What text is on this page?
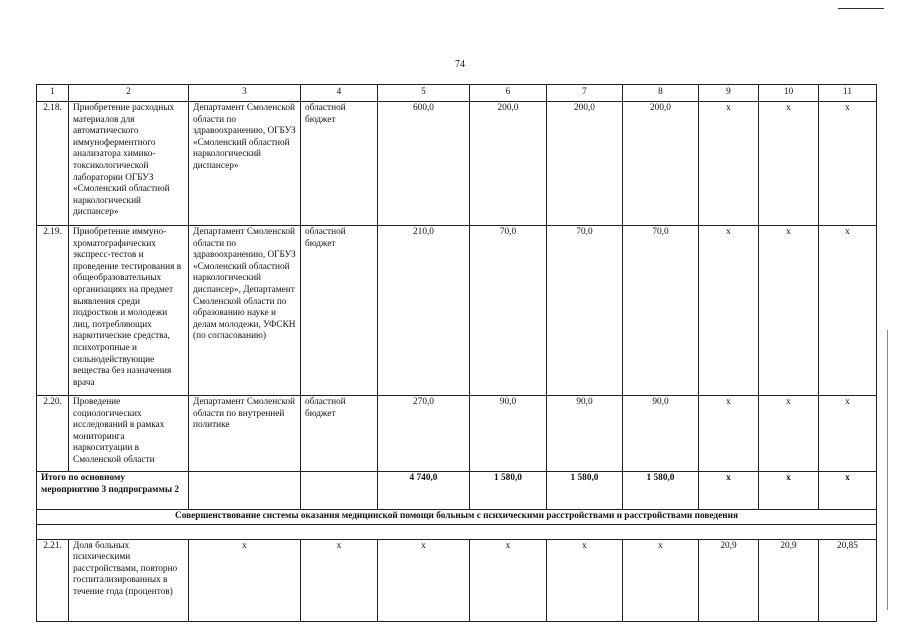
74
1	2	3	4	5	6	7	8	9	10	11
2.18.	Приобретение расходных материалов для автоматического иммуноферментного анализатора химико-токсикологической лаборатории ОГБУЗ «Смоленский областной наркологический диспансер»	Департамент Смоленской области по здравоохранению, ОГБУЗ «Смоленский областной наркологический диспансер»	областной бюджет	600,0	200,0	200,0	200,0	x	x	x
2.19.	Приобретение иммуно-хроматографических экспресс-тестов и проведение тестирования в общеобразовательных организациях на предмет выявления среди подростков и молодежи лиц, потребляющих наркотические средства, психотропные и сильнодействующие вещества без назначения врача	Департамент Смоленской области по здравоохранению, ОГБУЗ «Смоленский областной наркологический диспансер», Департамент Смоленской области по образованию науке и делам молодежи, УФСКН (по согласованию)	областной бюджет	210,0	70,0	70,0	70,0	x	x	x
2.20.	Проведение социологических исследований в рамках мониторинга наркоситуации в Смоленской области	Департамент Смоленской области по внутренней политике	областной бюджет	270,0	90,0	90,0	90,0	x	x	x
Итого по основному мероприятию 3 подпрограммы 2				4 740,0	1 580,0	1 580,0	1 580,0	x	x	x
Совершенствование системы оказания медицинской помощи больным с психическими расстройствами и расстройствами поведения										

2.21.	Доля больных психическими расстройствами, повторно госпитализированных в течение года (процентов)	x	x	x	x	x	x	20,9	20,9	20,85
